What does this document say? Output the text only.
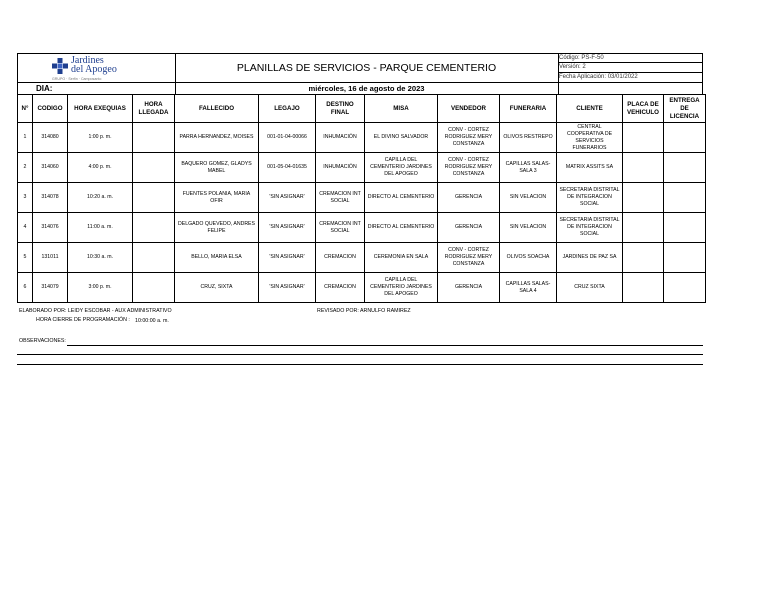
Jardines
del Apogeo
GRUPO · Serfin · Camposanto
PLANILLAS DE SERVICIOS - PARQUE CEMENTERIO
Código: PS-F-50
Versión: 2
Fecha Aplicación: 03/01/2022
DIA:	miércoles, 16 de agosto de 2023
N°	CODIGO	HORA EXEQUIAS	HORA LLEGADA	FALLECIDO	LEGAJO	DESTINO FINAL	MISA	VENDEDOR	FUNERARIA	CLIENTE	PLACA DE VEHICULO	ENTREGA DE LICENCIA
1	314080	1:00 p. m.		PARRA HERNANDEZ, MOISES	001-01-04-00066	INHUMACIÓN	EL DIVINO SALVADOR	CONV - CORTEZ RODRIGUEZ MERY CONSTANZA	OLIVOS RESTREPO	CENTRAL COOPERATIVA DE SERVICIOS FUNERARIOS		
2	314060	4:00 p. m.		BAQUERO GOMEZ, GLADYS MABEL	001-05-04-01635	INHUMACIÓN	CAPILLA DEL CEMENTERIO JARDINES DEL APOGEO	CONV - CORTEZ RODRIGUEZ MERY CONSTANZA	CAPILLAS SALAS- SALA 3	MATRIX ASSITS SA		
3	314078	10:20 a. m.		FUENTES POLANIA, MARIA OFIR	'SIN ASIGNAR'	CREMACION INT SOCIAL	DIRECTO AL CEMENTERIO	GERENCIA	SIN VELACION	SECRETARIA DISTRITAL DE INTEGRACION SOCIAL		
4	314076	11:00 a. m.		DELGADO QUEVEDO, ANDRES FELIPE	'SIN ASIGNAR'	CREMACION INT SOCIAL	DIRECTO AL CEMENTERIO	GERENCIA	SIN VELACION	SECRETARIA DISTRITAL DE INTEGRACION SOCIAL		
5	131011	10:30 a. m.		BELLO, MARIA ELSA	'SIN ASIGNAR'	CREMACION	CEREMONIA EN SALA	CONV - CORTEZ RODRIGUEZ MERY CONSTANZA	OLIVOS SOACHA	JARDINES DE PAZ SA		
6	314079	3:00 p. m.		CRUZ, SIXTA	'SIN ASIGNAR'	CREMACION	CAPILLA DEL CEMENTERIO JARDINES DEL APOGEO	GERENCIA	CAPILLAS SALAS- SALA 4	CRUZ SIXTA		
ELABORADO POR: LEIDY ESCOBAR - AUX ADMINISTRATIVO
HORA CIERRE DE PROGRAMACIÓN : 10:00:00 a. m.
REVISADO POR: ARNULFO RAMIREZ
OBSERVACIONES:
